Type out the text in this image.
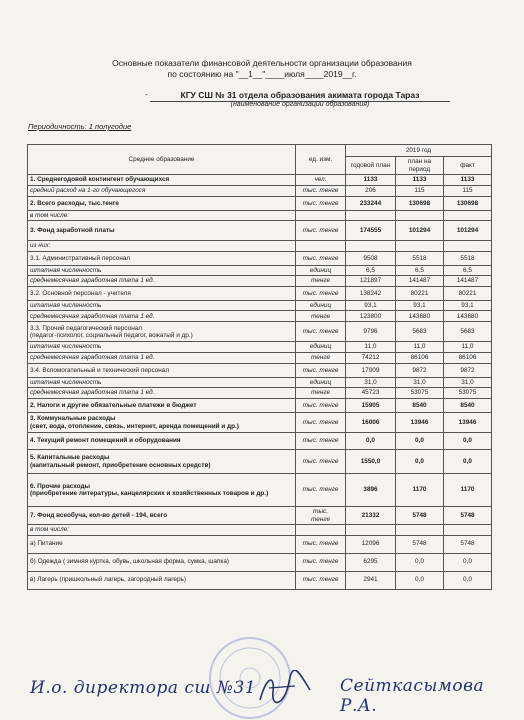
Основные показатели финансовой деятельности организации образования
по состоянию на "__1__"____июля____2019__г.
-	КГУ СШ № 31 отдела образования акимата города Тараз
(наименование организации образования)
Периодичность: 1 полугодие
Среднее образование	ед. изм.	2019 год		
		годовой план	план на период	факт
1. Среднегодовой контингент обучающихся	чел.	1133	1133	1133
средний расход на 1-го обучающегося	тыс. тенге	206	115	115
2. Всего расходы, тыс.тенге	тыс. тенге	233244	130698	130698
в том числе:				
3. Фонд заработной платы	тыс. тенге	174555	101294	101294
из них:				
3.1. Административный персонал	тыс. тенге	9508	5518	5518
штатная численность	единиц	6,5	6,5	6,5
среднемесячная заработная плата 1 ед.	тенге	121897	141487	141487
3.2. Основной персонал - учителя	тыс. тенге	138242	80221	80221
штатная численность	единиц	93,1	93,1	93,1
среднемесячная заработная плата 1 ед.	тенге	123800	143680	143680
3.3. Прочий педагогический персонал
(педагог-психолог, социальный педагог, вожатый и др.)	тыс. тенге	9796	5683	5683
штатная численность	единиц	11,0	11,0	11,0
среднемесячная заработная плата 1 ед.	тенге	74212	86106	86106
3.4. Вспомогательный и технический персонал	тыс. тенге	17009	9872	9872
штатная численность	единиц	31,0	31,0	31,0
среднемесячная заработная плата 1 ед.	тенге	45723	53075	53075
2. Налоги и другие обязательные платежи в бюджет	тыс. тенге	15905	8540	8540
3. Коммунальные расходы
(свет, вода, отопление, связь, интернет, аренда помещений и др.)	тыс. тенге	16006	13946	13946
4. Текущий ремонт помещений и оборудования	тыс. тенге	0,0	0,0	0,0
5. Капитальные расходы
(капитальный ремонт, приобретение основных средств)	тыс. тенге	1550,0	0,0	0,0
6. Прочие расходы
(приобретение литературы, канцелярских и хозяйственных товаров и др.)	тыс. тенге	3896	1170	1170
7. Фонд всеобуча, кол-во детей - 194, всего	тыс.
тенге	21332	5748	5748
в том числе:				
а) Питание	тыс. тенге	12096	5748	5748
б) Одежда ( зимняя куртка, обувь, школьная форма, сумка, шапка)	тыс. тенге	6295	0,0	0,0
в) Лагерь (пришкольный лагерь, загородный лагерь)	тыс. тенге	2941	0,0	0,0
И.о. директора сш №31	Сейткасымова Р.А.
